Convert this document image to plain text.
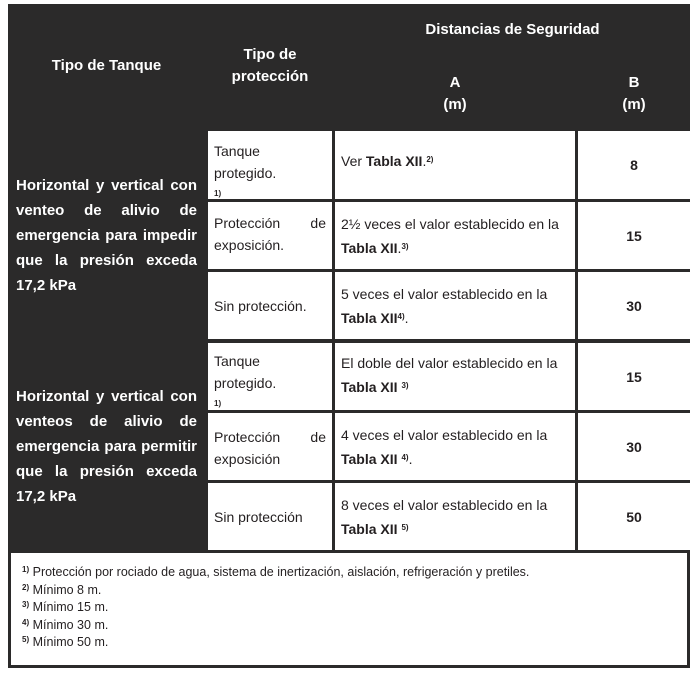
Tipo de Tanque
Tipo de protección
Distancias de Seguridad
A
(m)
B
(m)
Horizontal y vertical con venteo de alivio de emergencia para impedir que la presión exceda 17,2 kPa
Tanque protegido.
$^{1)}$
Ver Tabla XII.$^{2)}$	8
Protección de exposición.
2½ veces el valor establecido en la Tabla XII.$^{3)}$
15
Sin protección.
5 veces el valor establecido en la Tabla XII$^{4)}$.
30
Horizontal y vertical con venteos de alivio de emergencia para permitir que la presión exceda 17,2 kPa
Tanque protegido.
$^{1)}$
El doble del valor establecido en la Tabla XII $^{3)}$
15
Protección de exposición
4 veces el valor establecido en la Tabla XII $^{4)}$.
30
Sin protección
8 veces el valor establecido en la Tabla XII $^{5)}$
50
$^{1)}$ Protección por rociado de agua, sistema de inertización, aislación, refrigeración y pretiles.
$^{2)}$ Mínimo 8 m.
$^{3)}$ Mínimo 15 m.
$^{4)}$ Mínimo 30 m.
$^{5)}$ Mínimo 50 m.
